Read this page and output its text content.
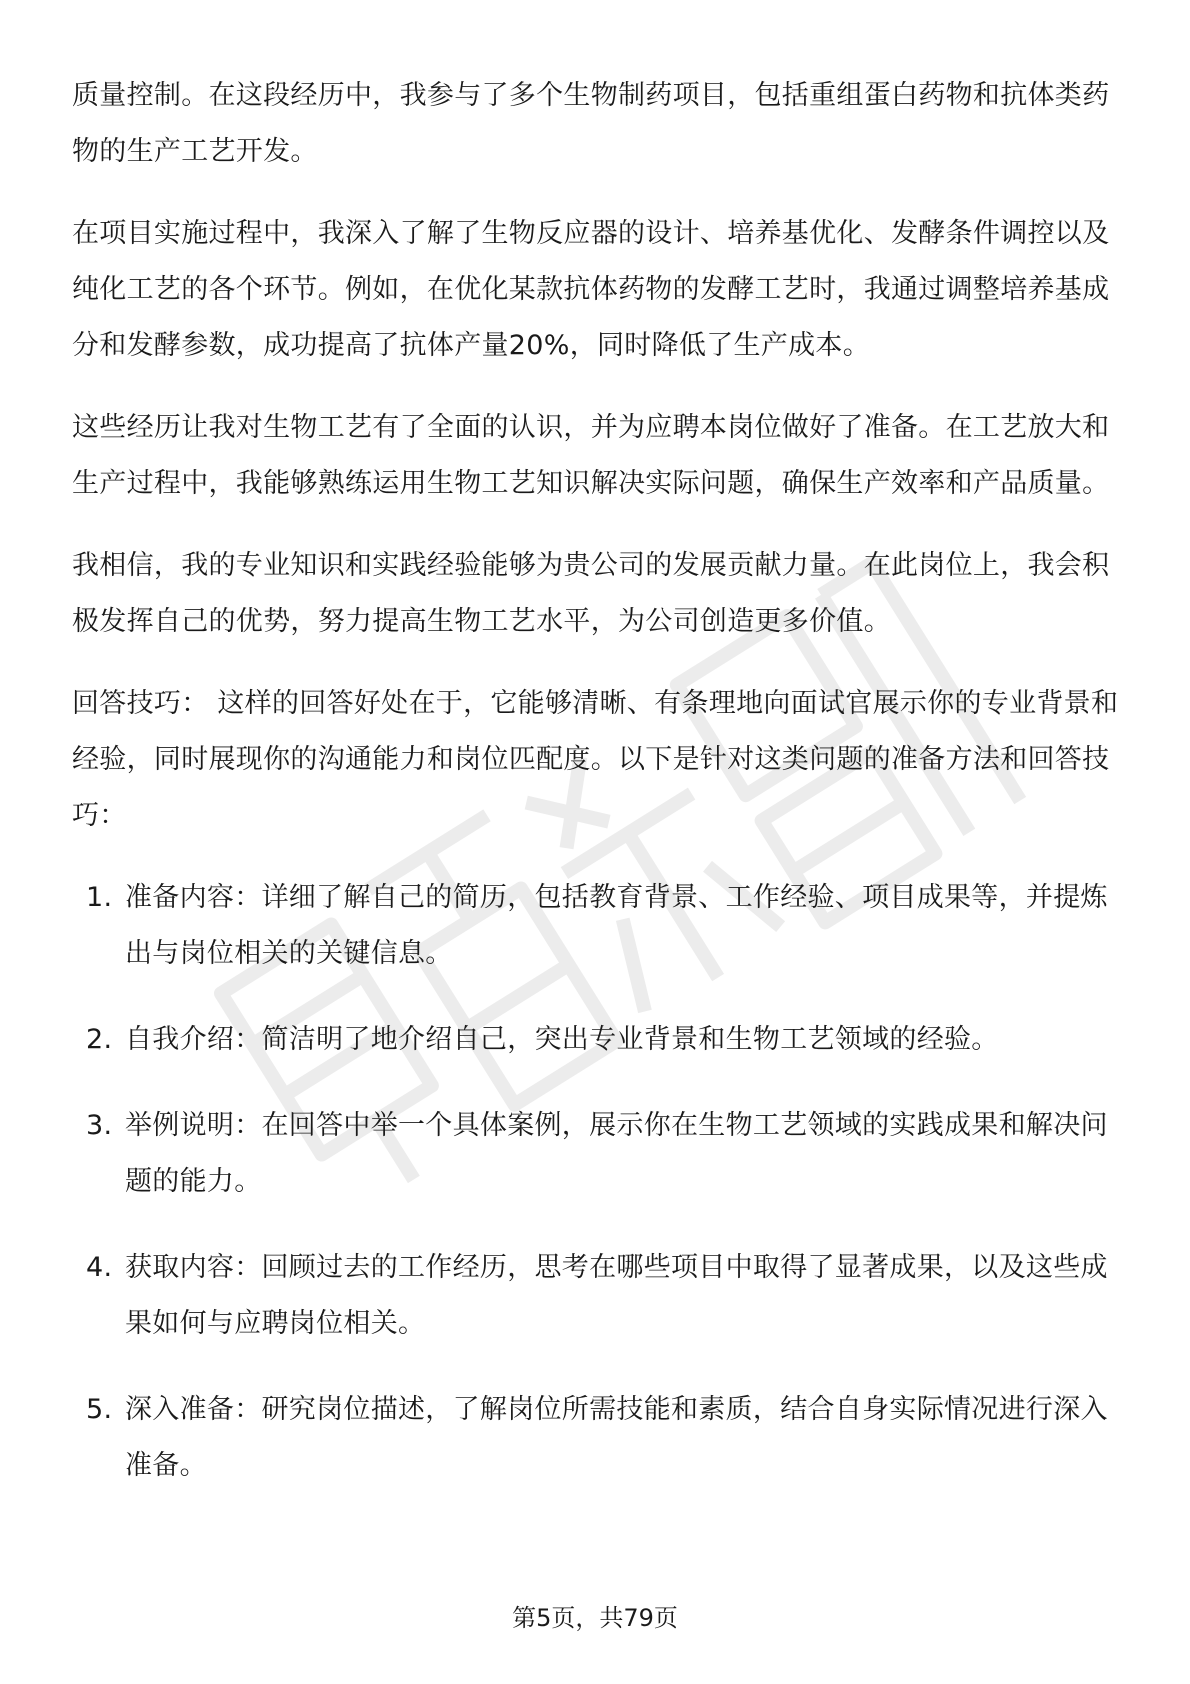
质量控制。在这段经历中，我参与了多个生物制药项目，包括重组蛋白药物和抗体类药物的生产工艺开发。

在项目实施过程中，我深入了解了生物反应器的设计、培养基优化、发酵条件调控以及纯化工艺的各个环节。例如，在优化某款抗体药物的发酵工艺时，我通过调整培养基成分和发酵参数，成功提高了抗体产量20%，同时降低了生产成本。

这些经历让我对生物工艺有了全面的认识，并为应聘本岗位做好了准备。在工艺放大和生产过程中，我能够熟练运用生物工艺知识解决实际问题，确保生产效率和产品质量。

我相信，我的专业知识和实践经验能够为贵公司的发展贡献力量。在此岗位上，我会积极发挥自己的优势，努力提高生物工艺水平，为公司创造更多价值。

回答技巧： 这样的回答好处在于，它能够清晰、有条理地向面试官展示你的专业背景和经验，同时展现你的沟通能力和岗位匹配度。以下是针对这类问题的准备方法和回答技巧：

1. 准备内容：详细了解自己的简历，包括教育背景、工作经验、项目成果等，并提炼出与岗位相关的关键信息。
2. 自我介绍：简洁明了地介绍自己，突出专业背景和生物工艺领域的经验。
3. 举例说明：在回答中举一个具体案例，展示你在生物工艺领域的实践成果和解决问题的能力。
4. 获取内容：回顾过去的工作经历，思考在哪些项目中取得了显著成果，以及这些成果如何与应聘岗位相关。
5. 深入准备：研究岗位描述，了解岗位所需技能和素质，结合自身实际情况进行深入准备。
第5页，共79页
